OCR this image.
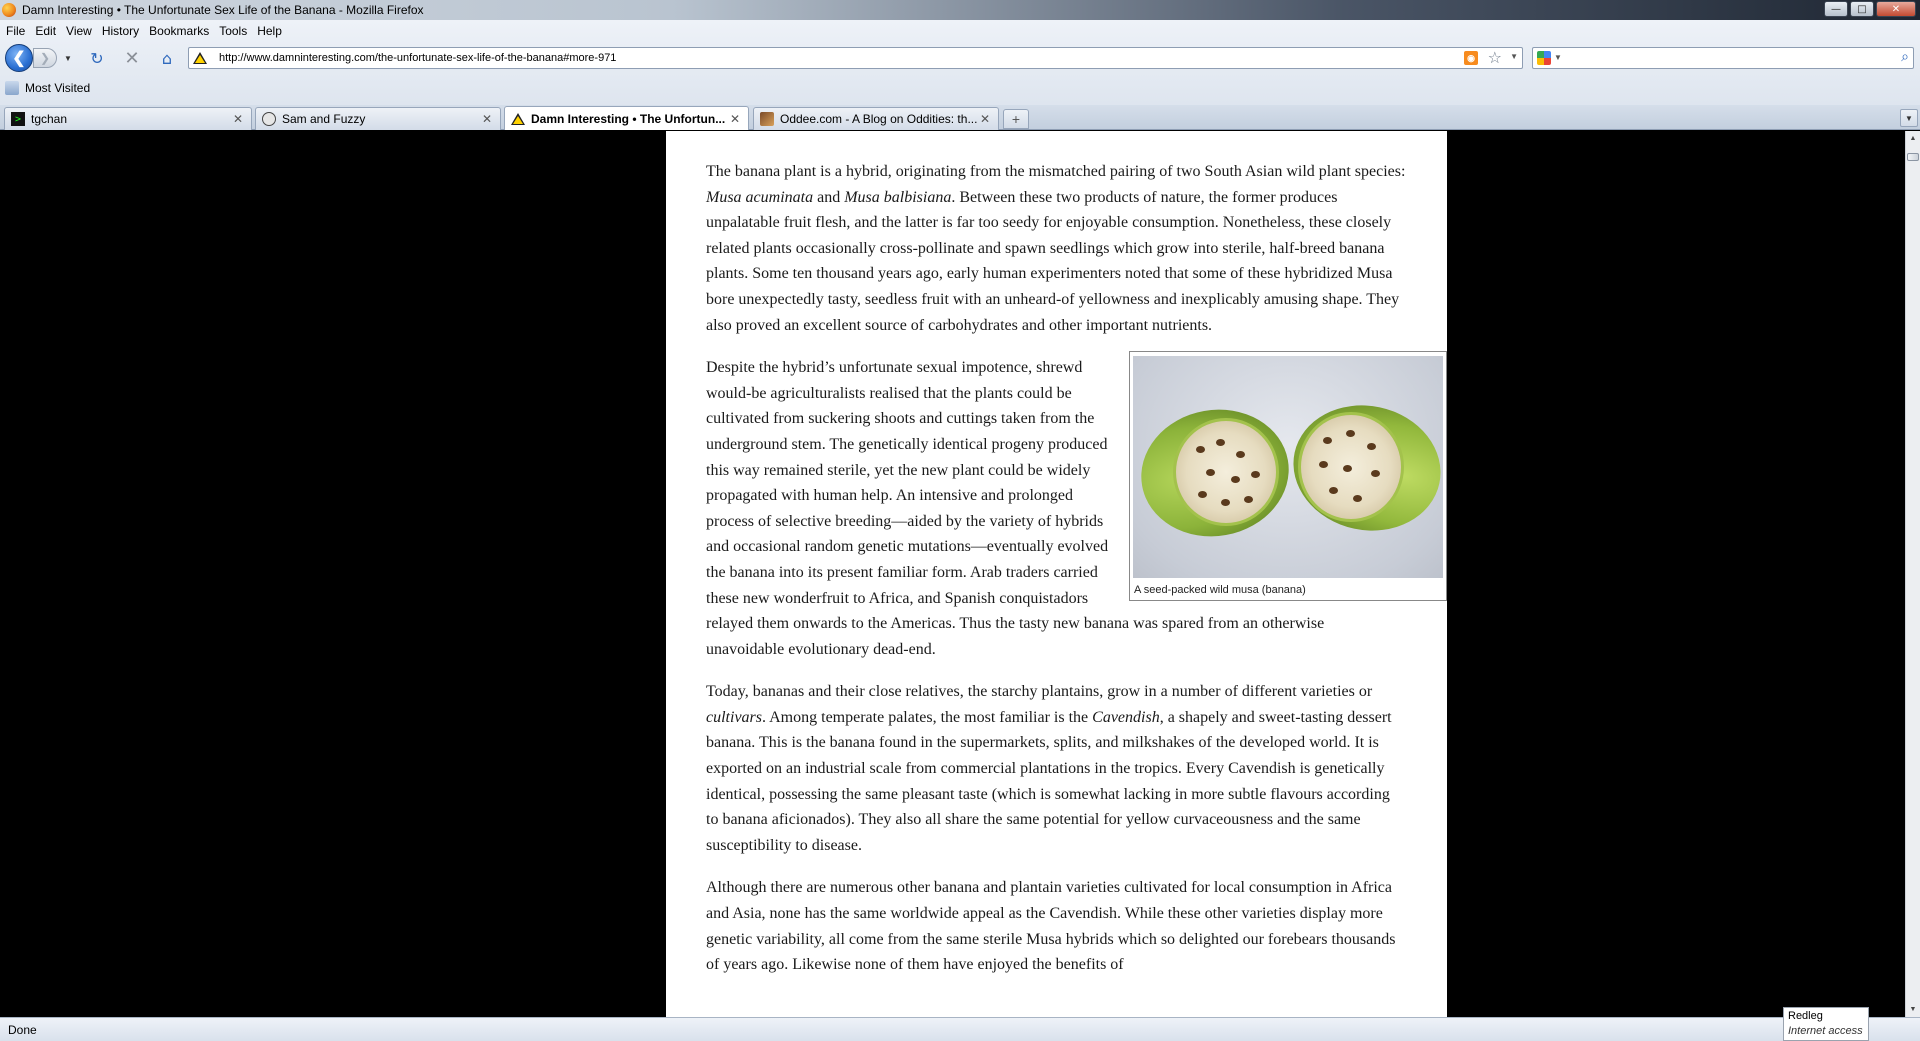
Damn Interesting • The Unfortunate Sex Life of the Banana - Mozilla Firefox	—	□	✕
File Edit View History Bookmarks Tools Help
❮ ❯ ▼ ↻ ✕ ⌂	http://www.damninteresting.com/the-unfortunate-sex-life-of-the-banana#more-971	◉ ☆ ▼	▼	⌕
Most Visited
> tgchan	✕	Sam and Fuzzy	✕	Damn Interesting • The Unfortun... ✕	Oddee.com - A Blog on Oddities: th... ✕ +	▼

The banana plant is a hybrid, originating from the mismatched pairing of two South Asian wild plant species: Musa acuminata and Musa balbisiana. Between these two products of nature, the former produces unpalatable fruit flesh, and the latter is far too seedy for enjoyable consumption. Nonetheless, these closely related plants occasionally cross-pollinate and spawn seedlings which grow into sterile, half-breed banana plants. Some ten thousand years ago, early human experimenters noted that some of these hybridized Musa bore unexpectedly tasty, seedless fruit with an unheard-of yellowness and inexplicably amusing shape. They also proved an excellent source of carbohydrates and other important nutrients.

A seed-packed wild musa (banana)

Despite the hybrid’s unfortunate sexual impotence, shrewd would-be agriculturalists realised that the plants could be cultivated from suckering shoots and cuttings taken from the underground stem. The genetically identical progeny produced this way remained sterile, yet the new plant could be widely propagated with human help. An intensive and prolonged process of selective breeding—aided by the variety of hybrids and occasional random genetic mutations—eventually evolved the banana into its present familiar form. Arab traders carried these new wonderfruit to Africa, and Spanish conquistadors relayed them onwards to the Americas. Thus the tasty new banana was spared from an otherwise unavoidable evolutionary dead-end.

Today, bananas and their close relatives, the starchy plantains, grow in a number of different varieties or cultivars. Among temperate palates, the most familiar is the Cavendish, a shapely and sweet-tasting dessert banana. This is the banana found in the supermarkets, splits, and milkshakes of the developed world. It is exported on an industrial scale from commercial plantations in the tropics. Every Cavendish is genetically identical, possessing the same pleasant taste (which is somewhat lacking in more subtle flavours according to banana aficionados). They also all share the same potential for yellow curvaceousness and the same susceptibility to disease.

Although there are numerous other banana and plantain varieties cultivated for local consumption in Africa and Asia, none has the same worldwide appeal as the Cavendish. While these other varieties display more genetic variability, all come from the same sterile Musa hybrids which so delighted our forebears thousands of years ago. Likewise none of them have enjoyed the benefits of

▲
▼
Done
Redleg
Internet access
